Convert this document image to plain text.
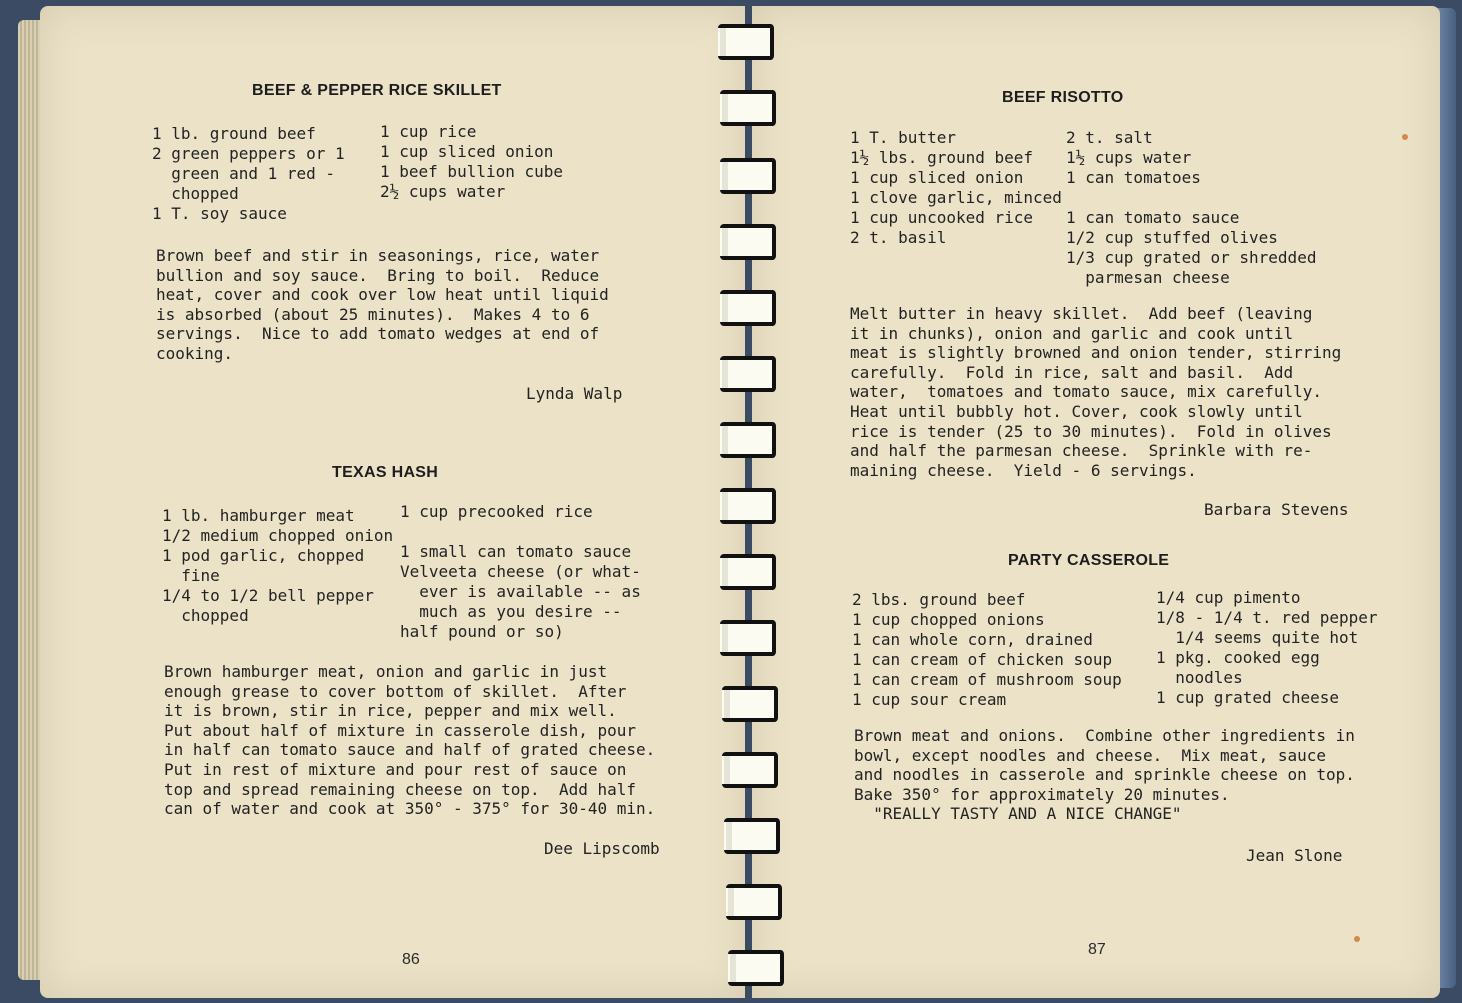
BEEF & PEPPER RICE SKILLET
1 lb. ground beef
2 green peppers or 1
green and 1 red -
chopped
1 T. soy sauce
1 cup rice
1 cup sliced onion
1 beef bullion cube
2½ cups water
Brown beef and stir in seasonings, rice, water
bullion and soy sauce.  Bring to boil.  Reduce
heat, cover and cook over low heat until liquid
is absorbed (about 25 minutes).  Makes 4 to 6
servings.  Nice to add tomato wedges at end of
cooking.
Lynda Walp
TEXAS HASH
1 lb. hamburger meat
1/2 medium chopped onion
1 pod garlic, chopped
fine
1/4 to 1/2 bell pepper
chopped
1 cup precooked rice

1 small can tomato sauce
Velveeta cheese (or what-
ever is available -- as
much as you desire --
half pound or so)
Brown hamburger meat, onion and garlic in just
enough grease to cover bottom of skillet.  After
it is brown, stir in rice, pepper and mix well.
Put about half of mixture in casserole dish, pour
in half can tomato sauce and half of grated cheese.
Put in rest of mixture and pour rest of sauce on
top and spread remaining cheese on top.  Add half
can of water and cook at 350° - 375° for 30-40 min.
Dee Lipscomb
86
BEEF RISOTTO
1 T. butter
1½ lbs. ground beef
1 cup sliced onion
1 clove garlic, minced
1 cup uncooked rice
2 t. basil
2 t. salt
1½ cups water
1 can tomatoes

1 can tomato sauce
1/2 cup stuffed olives
1/3 cup grated or shredded
parmesan cheese
Melt butter in heavy skillet.  Add beef (leaving
it in chunks), onion and garlic and cook until
meat is slightly browned and onion tender, stirring
carefully.  Fold in rice, salt and basil.  Add
water,  tomatoes and tomato sauce, mix carefully.
Heat until bubbly hot. Cover, cook slowly until
rice is tender (25 to 30 minutes).  Fold in olives
and half the parmesan cheese.  Sprinkle with re-
maining cheese.  Yield - 6 servings.
Barbara Stevens
PARTY CASSEROLE
2 lbs. ground beef
1 cup chopped onions
1 can whole corn, drained
1 can cream of chicken soup
1 can cream of mushroom soup
1 cup sour cream
1/4 cup pimento
1/8 - 1/4 t. red pepper
1/4 seems quite hot
1 pkg. cooked egg
noodles
1 cup grated cheese
Brown meat and onions.  Combine other ingredients in
bowl, except noodles and cheese.  Mix meat, sauce
and noodles in casserole and sprinkle cheese on top.
Bake 350° for approximately 20 minutes.
"REALLY TASTY AND A NICE CHANGE"
Jean Slone
87
